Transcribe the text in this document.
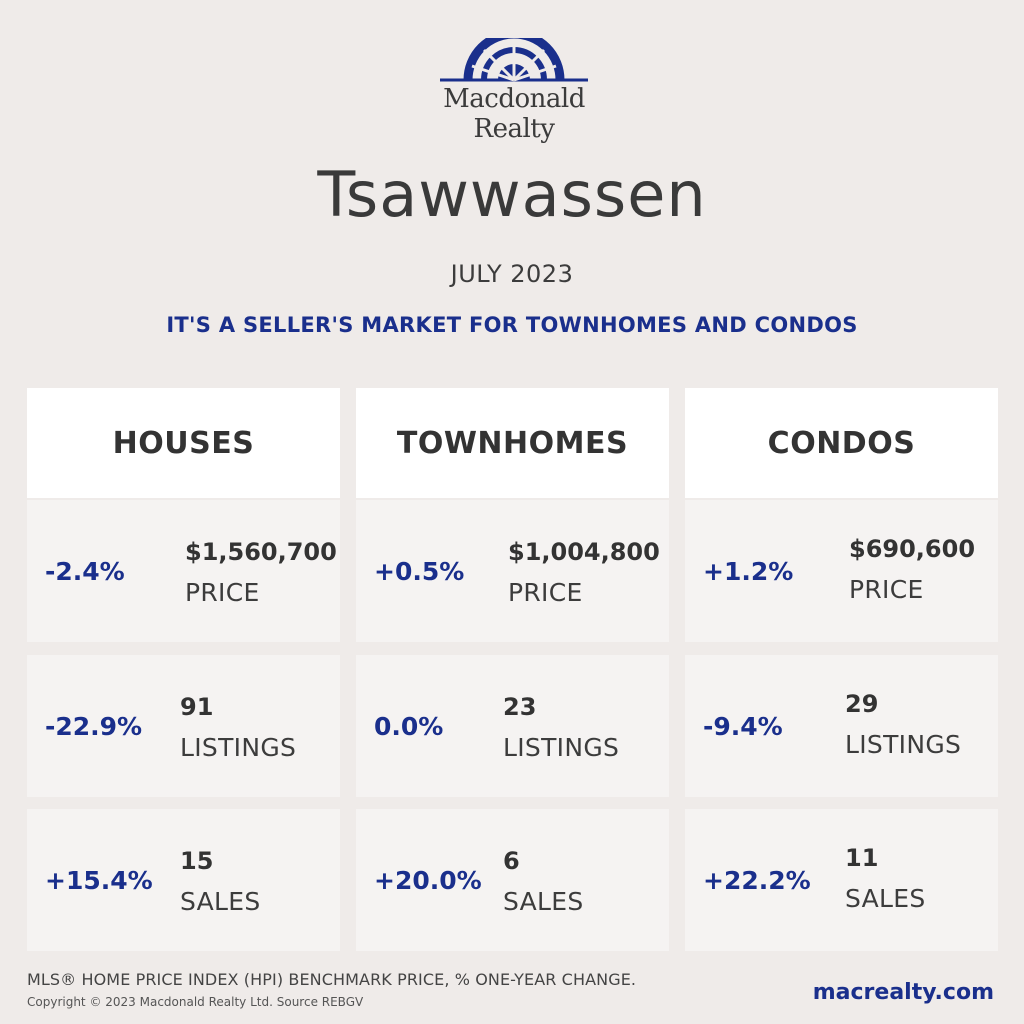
Macdonald
Realty
Tsawwassen
JULY 2023
IT'S A SELLER'S MARKET FOR TOWNHOMES AND CONDOS
HOUSES
-2.4%
$1,560,700
PRICE
-22.9%
91
LISTINGS
+15.4%
15
SALES
TOWNHOMES
+0.5%
$1,004,800
PRICE
0.0%
23
LISTINGS
+20.0%
6
SALES
CONDOS
+1.2%
$690,600
PRICE
-9.4%
29
LISTINGS
+22.2%
11
SALES
MLS® HOME PRICE INDEX (HPI) BENCHMARK PRICE, % ONE-YEAR CHANGE.
Copyright © 2023 Macdonald Realty Ltd. Source REBGV	macrealty.com
